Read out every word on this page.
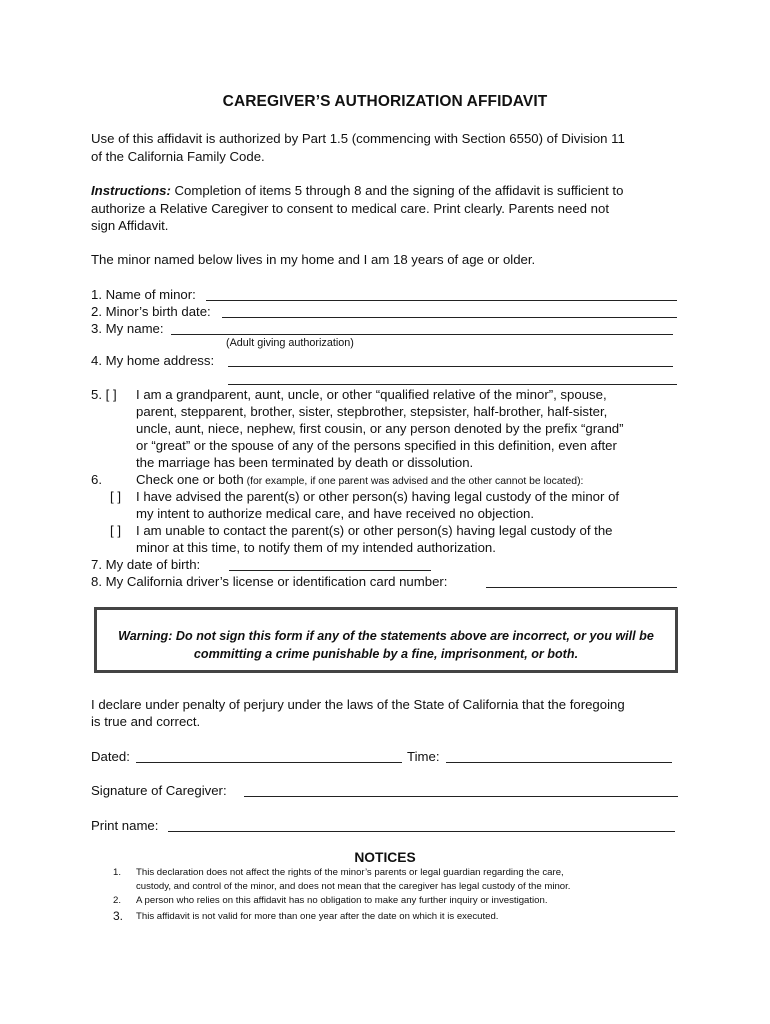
CAREGIVER’S AUTHORIZATION AFFIDAVIT
Use of this affidavit is authorized by Part 1.5 (commencing with Section 6550) of Division 11
of the California Family Code.
Instructions: Completion of items 5 through 8 and the signing of the affidavit is sufficient to
authorize a Relative Caregiver to consent to medical care. Print clearly. Parents need not
sign Affidavit.
The minor named below lives in my home and I am 18 years of age or older.
1. Name of minor:
2. Minor’s birth date:
3. My name:
(Adult giving authorization)
4. My home address:
5. [ ] I am a grandparent, aunt, uncle, or other “qualified relative of the minor”, spouse,
parent, stepparent, brother, sister, stepbrother, stepsister, half-brother, half-sister,
uncle, aunt, niece, nephew, first cousin, or any person denoted by the prefix “grand”
or “great” or the spouse of any of the persons specified in this definition, even after
the marriage has been terminated by death or dissolution.
6.	Check one or both (for example, if one parent was advised and the other cannot be located):
[ ] I have advised the parent(s) or other person(s) having legal custody of the minor of
my intent to authorize medical care, and have received no objection.
[ ] I am unable to contact the parent(s) or other person(s) having legal custody of the
minor at this time, to notify them of my intended authorization.
7. My date of birth:
8. My California driver’s license or identification card number:
Warning: Do not sign this form if any of the statements above are incorrect, or you will be
committing a crime punishable by a fine, imprisonment, or both.
I declare under penalty of perjury under the laws of the State of California that the foregoing
is true and correct.
Dated:	Time:
Signature of Caregiver:
Print name:
NOTICES
1. This declaration does not affect the rights of the minor’s parents or legal guardian regarding the care,
custody, and control of the minor, and does not mean that the caregiver has legal custody of the minor.
2. A person who relies on this affidavit has no obligation to make any further inquiry or investigation.
3. This affidavit is not valid for more than one year after the date on which it is executed.
